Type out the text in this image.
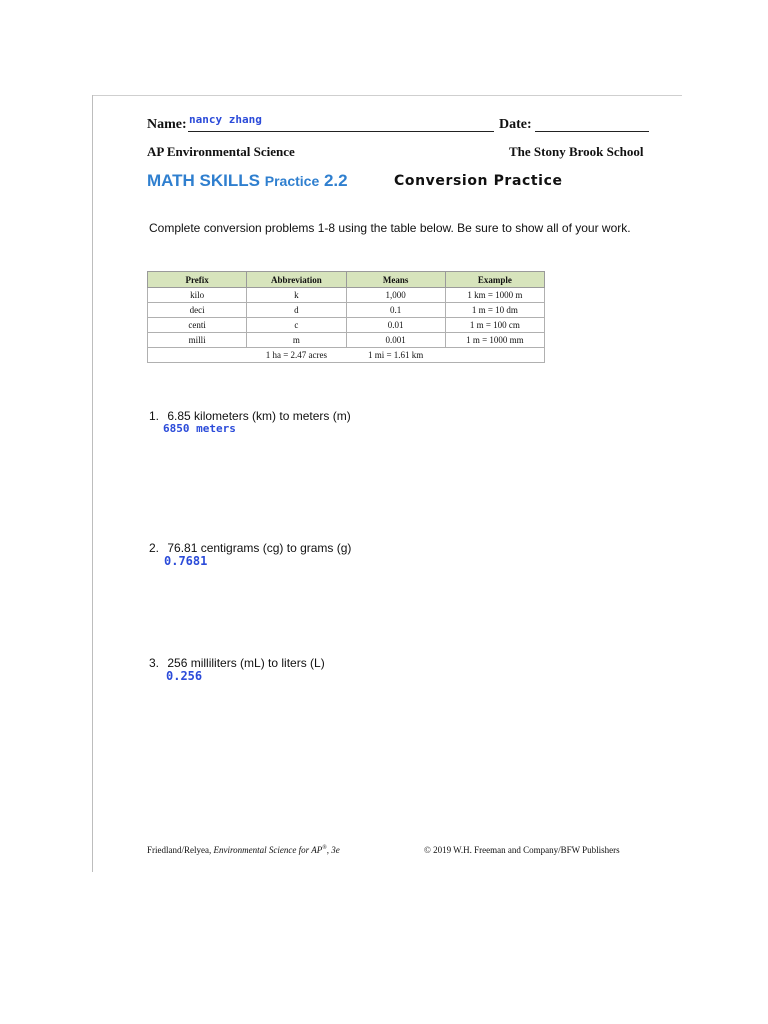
Name: nancy zhang	Date:
AP Environmental Science	The Stony Brook School
MATH SKILLS Practice 2.2	Conversion Practice
Complete conversion problems 1-8 using the table below. Be sure to show all of your work.
Prefix	Abbreviation	Means	Example
kilo	k	1,000	1 km = 1000 m
deci	d	0.1	1 m = 10 dm
centi	c	0.01	1 m = 100 cm
milli	m	0.001	1 m = 1000 mm
	1 ha = 2.47 acres	1 mi = 1.61 km	
1. 6.85 kilometers (km) to meters (m)
6850 meters
2. 76.81 centigrams (cg) to grams (g)
0.7681
3. 256 milliliters (mL) to liters (L)
0.256
Friedland/Relyea, Environmental Science for AP®, 3e	© 2019 W.H. Freeman and Company/BFW Publishers
